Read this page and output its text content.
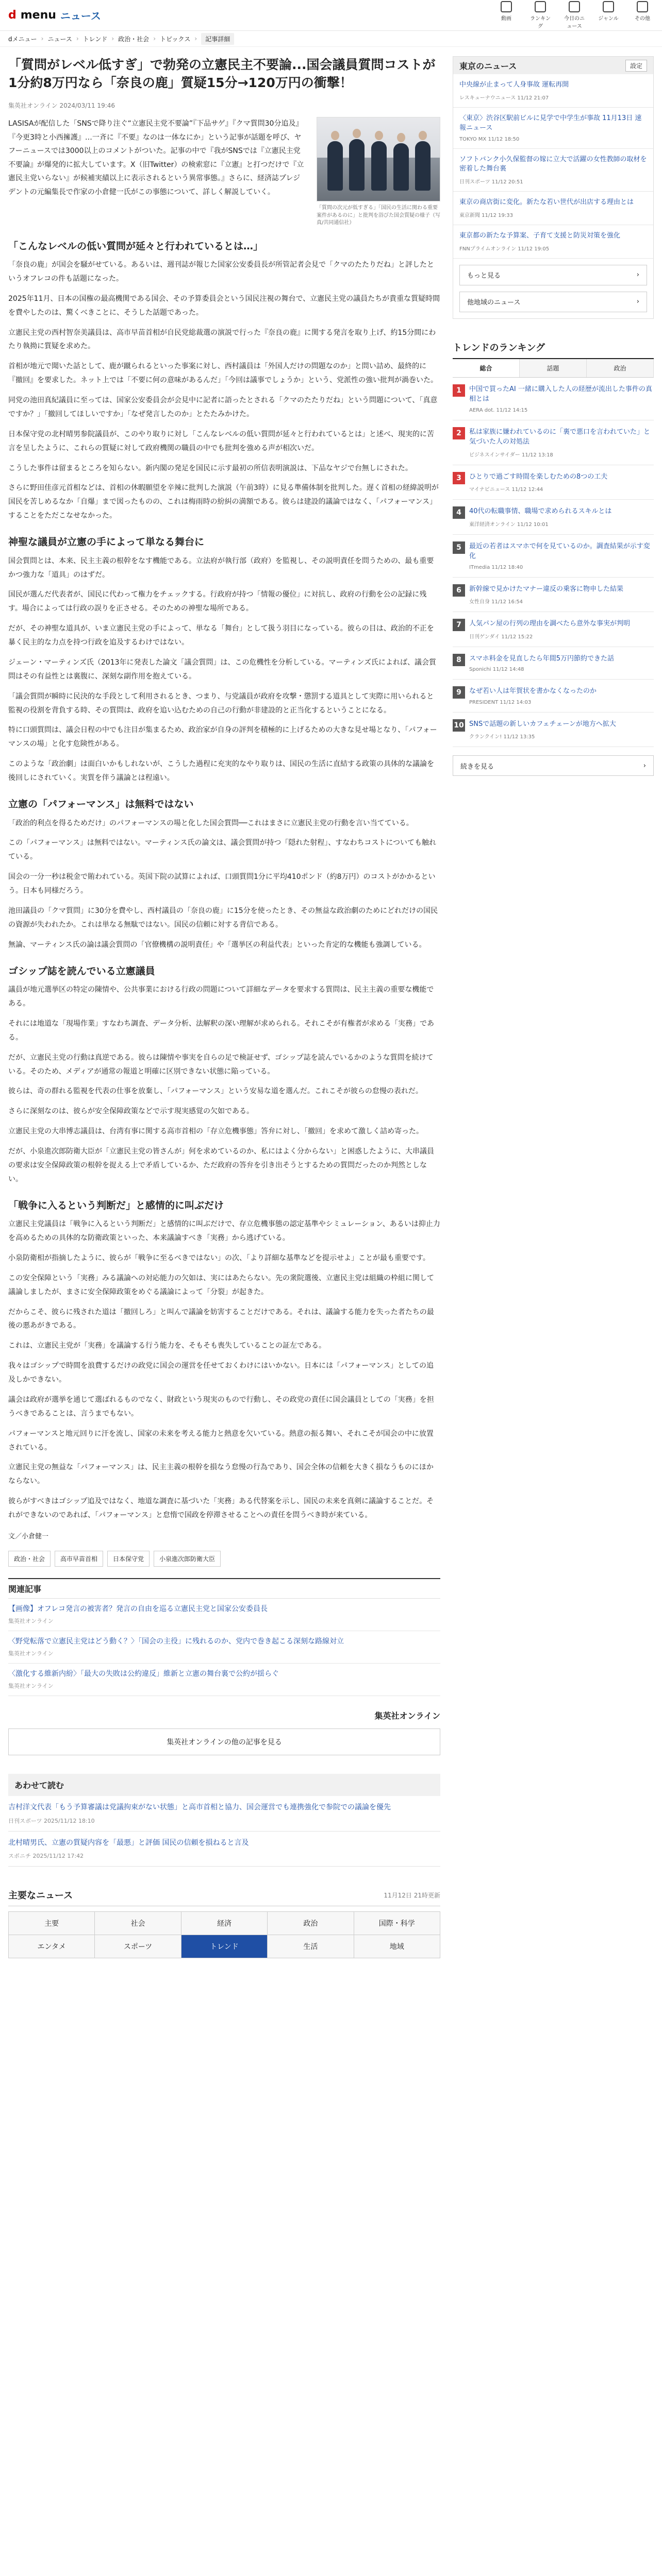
d menu ニュース	動画	ランキング
今日のニュース
ジャンル	その他
dメニュー › ニュース › トレンド › 政治・社会 › トピックス ›	記事詳細
「質問がレベル低すぎ」で勃発の立憲民主不要論...国会議員質問コストが1分約8万円なら「奈良の鹿」質疑15分→120万円の衝撃！
集英社オンライン 2024/03/11 19:46
LASISAが配信した「SNSで降り注ぐ“立憲民主党不要論”『下品サゲ』『クマ質問30分追及』『今更3時と小西擁護』…一斉に『不要』なのは一体なにか」という記事が話題を呼び、ヤフーニュースでは3000以上のコメントがついた。記事の中で『我がSNSでは『立憲民主党 不要論』が爆発的に拡大しています。X（旧Twitter）の検索窓に『立憲』と打つだけで『立憲民主党いらない』が候補実績以上に表示されるという異常事態。』さらに、経済誌プレジデントの元編集長で作家の小倉健一氏がこの事態について、詳しく解説していく。
「質問の次元が低すぎる」「国民の生活に関わる重要案件があるのに」と批判を浴びた国会質疑の様子（写真/共同通信社）
「こんなレベルの低い質問が延々と行われているとは…」

「奈良の鹿」が国会を騒がせている。あるいは、週刊誌が報じた国家公安委員長が所管記者会見で「クマのたたりだね」と評したというオフレコの件も話題になった。

2025年11月、日本の国権の最高機関である国会、その予算委員会という国民注視の舞台で、立憲民主党の議員たちが貴重な質疑時間を費やしたのは、驚くべきことに、そうした話題であった。

立憲民主党の西村智奈美議員は、高市早苗首相が自民党総裁選の演説で行った『奈良の鹿』に関する発言を取り上げ、約15分間にわたり執拗に質疑を求めた。

首相が地元で聞いた話として、鹿が蹴られるといった事案に対し、西村議員は「外国人だけの問題なのか」と問い詰め、最終的に『撤回』を要求した。ネット上では「不要に何の意味があるんだ」「今回は議事でしょうか」という、党派性の強い批判が渦巻いた。

同党の池田真紀議員に至っては、国家公安委員会が会見中に記者に語ったとされる「クマのたたりだね」という問題について、「真意ですか？」「撤回してほしいですか」「なぜ発言したのか」とたたみかけた。

日本保守党の北村晴男参院議員が、このやり取りに対し「こんなレベルの低い質問が延々と行われているとは」と述べ、現実的に苦言を呈したように、これらの質疑に対して政府機関の職員の中でも批判を強める声が相次いだ。

こうした事件は留まるところを知らない。新内閣の発足を国民に示す最初の所信表明演説は、下品なヤジで台無しにされた。

さらに野田佳彦元首相などは、首相の休暇願望を辛辣に批判した演説（午前3時）に見る準備体制を批判した。遅く首相の経緯説明が国民を苦しめるなか「自爆」まで図ったものの、これは梅雨時の紛糾の満額である。彼らは建設的議論ではなく、「パフォーマンス」することをただこなせなかった。

神聖な議員が立憲の手によって単なる舞台に

国会質問とは、本来、民主主義の根幹をなす機能である。立法府が執行部（政府）を監視し、その説明責任を問うための、最も重要かつ強力な「道具」のはずだ。

国民が選んだ代表者が、国民に代わって権力をチェックする。行政府が持つ「情報の優位」に対抗し、政府の行動を公の記録に残す。場合によっては行政の誤りを正させる。そのための神聖な場所である。

だが、その神聖な道具が、いま立憲民主党の手によって、単なる「舞台」として扱う羽目になっている。彼らの目は、政治的不正を暴く民主的な力点を持つ行政を追及するわけではない。

ジェーン・マーティンズ氏（2013年に発表した論文「議会質問」は、この危機性を分析している。マーティンズ氏によれば、議会質問はその有益性とは裏腹に、深刻な副作用を抱えている。

「議会質問が瞬時に民決的な手段として利用されるとき、つまり、与党議員が政府を攻撃・懲罰する道具として実際に用いられると監視の役割を背負する時、その質問は、政府を追い込むための自己の行動が非建設的と正当化するということになる。

特に口頭質問は、議会日程の中でも注目が集まるため、政治家が自身の評判を積極的に上げるための大きな見せ場となり、「パフォーマンスの場」と化す危険性がある。

このような「政治劇」は面白いかもしれないが、こうした過程に充実的なやり取りは、国民の生活に直結する政策の具体的な議論を後回しにされていく。実質を伴う議論とは程遠い。

立憲の「パフォーマンス」は無料ではない

「政治的利点を得るためだけ」のパフォーマンスの場と化した国会質問──これはまさに立憲民主党の行動を言い当てている。

この「パフォーマンス」は無料ではない。マーティンス氏の論文は、議会質問が持つ「隠れた射程」、すなわちコストについても触れている。

国会の一分一秒は税金で賄われている。英国下院の試算によれば、口頭質問1分に平均410ポンド（約8万円）のコストがかかるという。日本も同様だろう。

池田議員の「クマ質問」に30分を費やし、西村議員の「奈良の鹿」に15分を使ったとき、その無益な政治劇のためにどれだけの国民の資源が失われたか。これは単なる無駄ではない。国民の信頼に対する背信である。

無論、マーティンス氏の論は議会質問の「官僚機構の説明責任」や「選挙区の利益代表」といった肯定的な機能も強調している。

ゴシップ誌を読んでいる立憲議員

議員が地元選挙区の特定の陳情や、公共事業における行政の問題について詳細なデータを要求する質問は、民主主義の重要な機能である。

それには地道な「現場作業」すなわち調査、データ分析、法解釈の深い理解が求められる。それこそが有権者が求める「実務」である。

だが、立憲民主党の行動は真逆である。彼らは陳情や事実を自らの足で検証せず、ゴシップ誌を読んでいるかのような質問を続けている。そのため、メディアが通常の報道と明確に区別できない状態に陥っている。

彼らは、奇の群れる監視を代表の仕事を放棄し、「パフォーマンス」という安易な道を選んだ。これこそが彼らの怠慢の表れだ。

さらに深刻なのは、彼らが安全保障政策などで示す現実感覚の欠如である。

立憲民主党の大串博志議員は、台湾有事に関する高市首相の「存立危機事態」答弁に対し、「撤回」を求めて激しく詰め寄った。

だが、小泉進次郎防衛大臣が「立憲民主党の皆さんが」何を求めているのか、私にはよく分からない」と困惑したように、大串議員の要求は安全保障政策の根幹を捉える上で矛盾しているか、ただ政府の答弁を引き出そうとするための質問だったのか判然としない。

「戦争に入るという判断だ」と感情的に叫ぶだけ

立憲民主党議員は「戦争に入るという判断だ」と感情的に叫ぶだけで、存立危機事態の認定基準やシミュレーション、あるいは抑止力を高めるための具体的な防衛政策といった、本来議論すべき「実務」から逃げている。

小泉防衛相が指摘したように、彼らが「戦争に至るべきではない」の次、「より詳細な基準などを提示せよ」ことが最も重要です。

この安全保障という「実務」みる議論への対応能力の欠如は、実にはあたらない。先の衆院選後、立憲民主党は組織の枠組に関して議論しましたが、まさに安全保障政策をめぐる議論によって「分裂」が起きた。

だからこそ、彼らに残された道は「撤回しろ」と叫んで議論を妨害することだけである。それは、議論する能力を失った者たちの最後の悪あがきである。

これは、立憲民主党が「実務」を議論する行う能力を、そもそも喪失していることの証左である。

我々はゴシップで時間を浪費するだけの政党に国会の運営を任せておくわけにはいかない。日本には「パフォーマンス」としての追及しかできない。

議会は政府が選挙を通じて選ばれるものでなく、財政という現実のもので行動し、その政党の責任に国会議員としての「実務」を担うべきであることは、言うまでもない。

パフォーマンスと地元回りに汗を流し、国家の未来を考える能力と熱意を欠いている。熱意の振る舞い、それこそが国会の中に放置されている。

立憲民主党の無益な「パフォーマンス」は、民主主義の根幹を損なう怠慢の行為であり、国会全体の信頼を大きく損なうものにほかならない。

彼らがすべきはゴシップ追及ではなく、地道な調査に基づいた「実務」ある代替案を示し、国民の未来を真剣に議論することだ。それができないのであれば、「パフォーマンス」と怠惰で国政を停滞させることへの責任を問うべき時が来ている。

文／小倉健一
政治・社会	高市早苗首相	日本保守党	小泉進次郎防衛大臣
関連記事
【画像】オフレコ発言の被害者？発言の自由を巡る立憲民主党と国家公安委員長
集英社オンライン
〈野党転落で立憲民主党はどう動く？〉「国会の主役」に残れるのか、党内で巻き起こる深刻な路線対立
集英社オンライン
〈激化する維新内紛〉「最大の失敗は公約違反」維新と立憲の舞台裏で公約が揺らぐ
集英社オンライン
集英社オンライン
集英社オンラインの他の記事を見る
あわせて読む
吉村洋文代表「もう予算審議は党議拘束がない状態」と高市首相と協力、国会運営でも連携強化で参院での議論を優先
日刊スポーツ 2025/11/12 18:10
北村晴男氏、立憲の質疑内容を「最悪」と評価 国民の信頼を損ねると言及
スポニチ 2025/11/12 17:42
主要なニュース	11月12日 21時更新
主要	社会	経済	政治	国際・科学
エンタメ	スポーツ	トレンド	生活	地域
東京のニュース	設定
中央線が止まって人身事故 運転再開
レスキューナウニュース 11/12 21:07
〈東京〉渋谷区駅前ビルに見学で中学生が事故 11月13日 速報ニュース
TOKYO MX 11/12 18:50
ソフトバンク小久保監督の嫁に立大で活躍の女性教師の取材を密着した舞台裏
日刊スポーツ 11/12 20:51
東京の商店街に変化。新たな若い世代が出店する理由とは
東京新聞 11/12 19:33
東京都の新たな予算案、子育て支援と防災対策を強化
FNNプライムオンライン 11/12 19:05
もっと見る	›
他地域のニュース	›
トレンドのランキング
総合	話題	政治
1	中国で買ったAI 一緒に購入した人の経歴が流出した事件の真相とは
AERA dot. 11/12 14:15
2	私は家族に嫌われているのに「裏で悪口を言われていた」と気づいた人の対処法
ビジネスインサイダー 11/12 13:18
3	ひとりで過ごす時間を楽しむための8つの工夫
マイナビニュース 11/12 12:44
4	40代の転職事情、職場で求められるスキルとは
東洋経済オンライン 11/12 10:01
5	最近の若者はスマホで何を見ているのか。調査結果が示す変化
ITmedia 11/12 18:40
6	新幹線で見かけたマナー違反の乗客に物申した結果
女性自身 11/12 16:54
7	人気パン屋の行列の理由を調べたら意外な事実が判明
日刊ゲンダイ 11/12 15:22
8	スマホ料金を見直したら年間5万円節約できた話
Sponichi 11/12 14:48
9	なぜ若い人は年賀状を書かなくなったのか
PRESIDENT 11/12 14:03
10 SNSで話題の新しいカフェチェーンが地方へ拡大
クランクイン! 11/12 13:35
続きを見る	›
